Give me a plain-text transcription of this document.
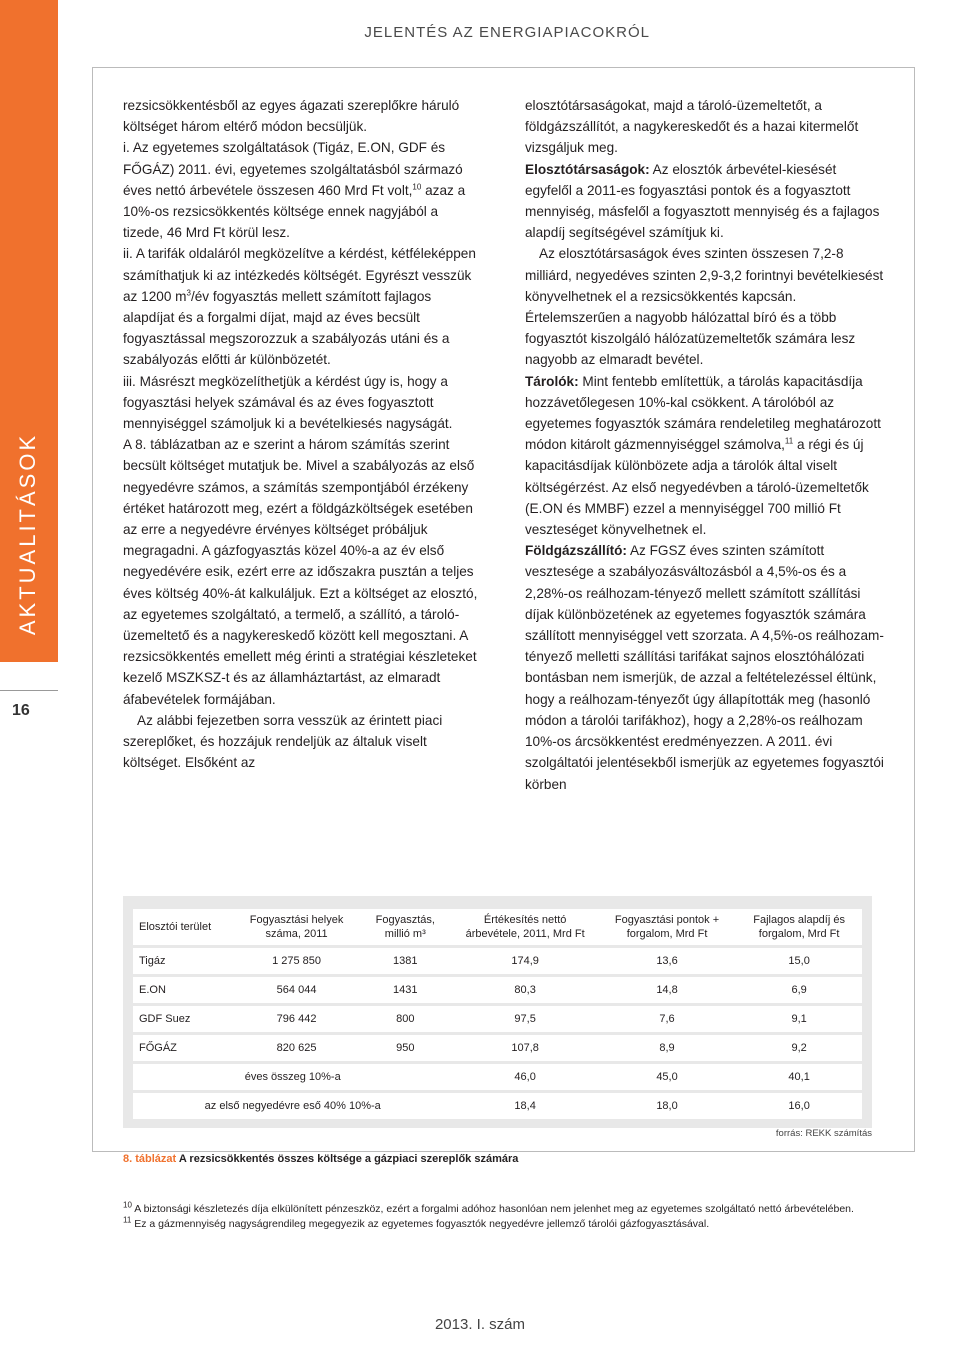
JELENTÉS AZ ENERGIAPIACOKRÓL
AKTUALITÁSOK
16

rezsicsökkentésből az egyes ágazati szereplőkre háruló költséget három eltérő módon becsüljük.

i. Az egyetemes szolgáltatások (Tigáz, E.ON, GDF és FŐGÁZ) 2011. évi, egyetemes szolgáltatásból származó éves nettó árbevétele összesen 460 Mrd Ft volt,$^{10}$ azaz a 10%-os rezsicsökkentés költsége ennek nagyjából a tizede, 46 Mrd Ft körül lesz.

ii. A tarifák oldaláról megközelítve a kérdést, kétféleképpen számíthatjuk ki az intézkedés költségét. Egyrészt vesszük az 1200 $m^3/év$ fogyasztás mellett számított fajlagos alapdíjat és a forgalmi díjat, majd az éves becsült fogyasztással megszorozzuk a szabályozás utáni és a szabályozás előtti ár különbözetét.

iii. Másrészt megközelíthetjük a kérdést úgy is, hogy a fogyasztási helyek számával és az éves fogyasztott mennyiséggel számoljuk ki a bevételkiesés nagyságát.

A 8. táblázatban az e szerint a három számítás szerint becsült költséget mutatjuk be. Mivel a szabályozás az első negyedévre számos, a számítás szempontjából érzékeny értéket határozott meg, ezért a földgázköltségek esetében az erre a negyedévre érvényes költséget próbáljuk megragadni. A gázfogyasztás közel 40%-a az év első negyedévére esik, ezért erre az időszakra pusztán a teljes éves költség 40%-át kalkuláljuk. Ezt a költséget az elosztó, az egyetemes szolgáltató, a termelő, a szállító, a tároló-üzemeltető és a nagykereskedő között kell megosztani. A rezsicsökkentés emellett még érinti a stratégiai készleteket kezelő MSZKSZ-t és az államháztartást, az elmaradt áfabevételek formájában.

Az alábbi fejezetben sorra vesszük az érintett piaci szereplőket, és hozzájuk rendeljük az általuk viselt költséget. Elsőként az

elosztótársaságokat, majd a tároló-üzemeltetőt, a földgázszállítót, a nagykereskedőt és a hazai kitermelőt vizsgáljuk meg.

Elosztótársaságok: Az elosztók árbevétel-kiesését egyfelől a 2011-es fogyasztási pontok és a fogyasztott mennyiség, másfelől a fogyasztott mennyiség és a fajlagos alapdíj segítségével számítjuk ki.

Az elosztótársaságok éves szinten összesen 7,2-8 milliárd, negyedéves szinten 2,9-3,2 forintnyi bevételkiesést könyvelhetnek el a rezsicsökkentés kapcsán. Értelemszerűen a nagyobb hálózattal bíró és a több fogyasztót kiszolgáló hálózatüzemeltetők számára lesz nagyobb az elmaradt bevétel.

Tárolók: Mint fentebb említettük, a tárolás kapacitásdíja hozzávetőlegesen 10%-kal csökkent. A tárolóból az egyetemes fogyasztók számára rendeletileg meghatározott módon kitárolt gázmennyiséggel számolva,$^{11}$ a régi és új kapacitásdíjak különbözete adja a tárolók által viselt költségérzést. Az első negyedévben a tároló-üzemeltetők (E.ON és MMBF) ezzel a mennyiséggel 700 millió Ft veszteséget könyvelhetnek el.

Földgázszállító: Az FGSZ éves szinten számított vesztesége a szabályozásváltozásból a 4,5%-os és a 2,28%-os reálhozam-tényező mellett számított szállítási díjak különbözetének az egyetemes fogyasztók számára szállított mennyiséggel vett szorzata. A 4,5%-os reálhozam-tényező melletti szállítási tarifákat sajnos elosztóhálózati bontásban nem ismerjük, de azzal a feltételezéssel éltünk, hogy a reálhozam-tényezőt úgy állapították meg (hasonló módon a tárolói tarifákhoz), hogy a 2,28%-os reálhozam 10%-os árcsökkentést eredményezzen. A 2011. évi szolgáltatói jelentésekből ismerjük az egyetemes fogyasztói körben

Elosztói terület	Fogyasztási helyek száma, 2011	Fogyasztás, millió m³	Értékesítés nettó árbevétele, 2011, Mrd Ft	Fogyasztási pontok + forgalom, Mrd Ft	Fajlagos alapdíj és forgalom, Mrd Ft
Tigáz	1 275 850	1381	174,9	13,6	15,0
E.ON	564 044	1431	80,3	14,8	6,9
GDF Suez	796 442	800	97,5	7,6	9,1
FŐGÁZ	820 625	950	107,8	8,9	9,2
éves összeg 10%-a			46,0	45,0	40,1
az első negyedévre eső 40% 10%-a			18,4	18,0	16,0
forrás: REKK számítás
8. táblázat A rezsicsökkentés összes költsége a gázpiaci szereplők számára

$^{10}$ A biztonsági készletezés díja elkülönített pénzeszköz, ezért a forgalmi adóhoz hasonlóan nem jelenhet meg az egyetemes szolgáltató nettó árbevételében.

$^{11}$ Ez a gázmennyiség nagyságrendileg megegyezik az egyetemes fogyasztók negyedévre jellemző tárolói gázfogyasztásával.

2013. I. szám
